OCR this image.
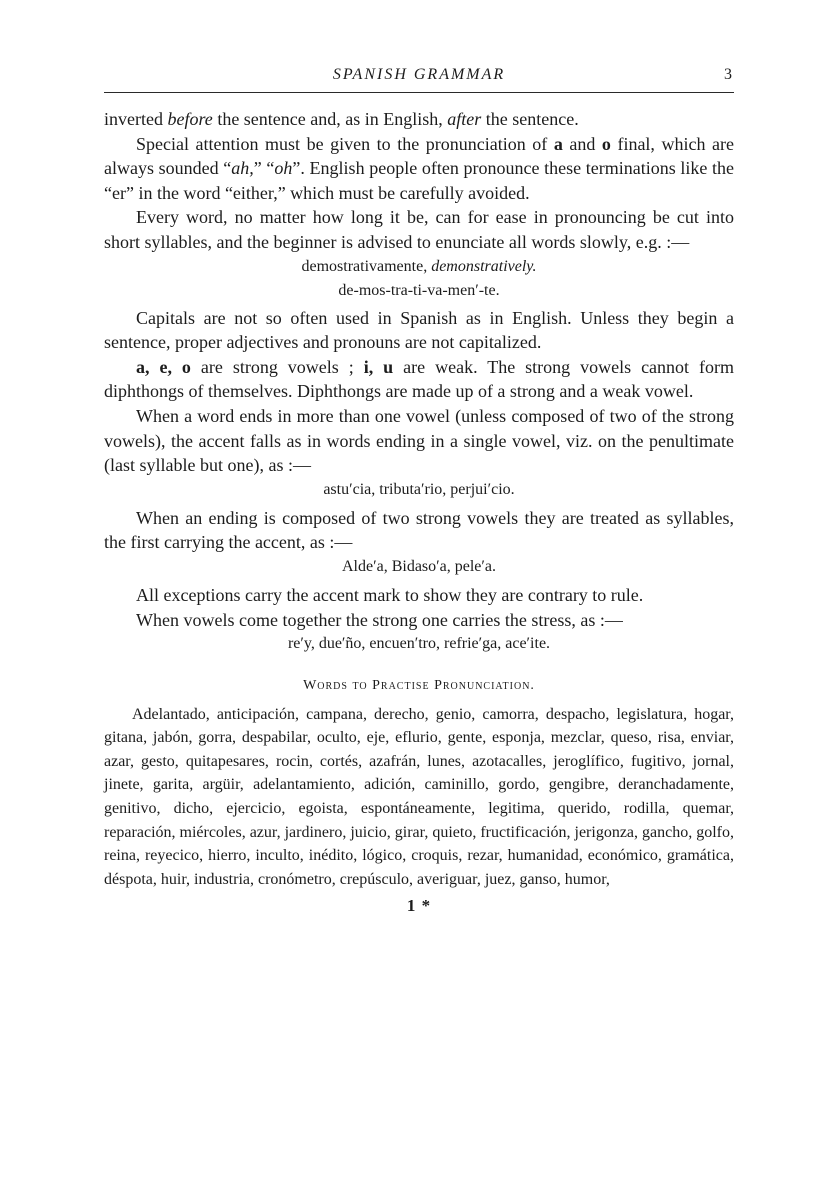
SPANISH GRAMMAR	3

inverted before the sentence and, as in English, after the sentence.

Special attention must be given to the pronunciation of a and o final, which are always sounded “ah,” “oh”. English people often pronounce these terminations like the “er” in the word “either,” which must be carefully avoided.

Every word, no matter how long it be, can for ease in pronouncing be cut into short syllables, and the beginner is advised to enunciate all words slowly, e.g. :—

demostrativamente, demonstratively.

de-mos-tra-ti-va-men′-te.

Capitals are not so often used in Spanish as in English. Unless they begin a sentence, proper adjectives and pronouns are not capitalized.

a, e, o are strong vowels ; i, u are weak. The strong vowels cannot form diphthongs of themselves. Diphthongs are made up of a strong and a weak vowel.

When a word ends in more than one vowel (unless composed of two of the strong vowels), the accent falls as in words ending in a single vowel, viz. on the penultimate (last syllable but one), as :—

astu′cia, tributa′rio, perjui′cio.

When an ending is composed of two strong vowels they are treated as syllables, the first carrying the accent, as :—

Alde′a, Bidaso′a, pele′a.

All exceptions carry the accent mark to show they are contrary to rule.

When vowels come together the strong one carries the stress, as :—

re′y, due′ño, encuen′tro, refrie′ga, ace′ite.

Words to Practise Pronunciation.

Adelantado, anticipación, campana, derecho, genio, camorra, despacho, legislatura, hogar, gitana, jabón, gorra, despabilar, oculto, eje, eflurio, gente, esponja, mezclar, queso, risa, enviar, azar, gesto, quitapesares, rocin, cortés, azafrán, lunes, azotacalles, jeroglífico, fugitivo, jornal, jinete, garita, argüir, adelantamiento, adición, caminillo, gordo, gengibre, deranchadamente, genitivo, dicho, ejercicio, egoista, espontáneamente, legitima, querido, rodilla, quemar, reparación, miércoles, azur, jardinero, juicio, girar, quieto, fructificación, jerigonza, gancho, golfo, reina, reyecico, hierro, inculto, inédito, lógico, croquis, rezar, humanidad, económico, gramática, déspota, huir, industria, cronómetro, crepúsculo, averiguar, juez, ganso, humor,

1 *
